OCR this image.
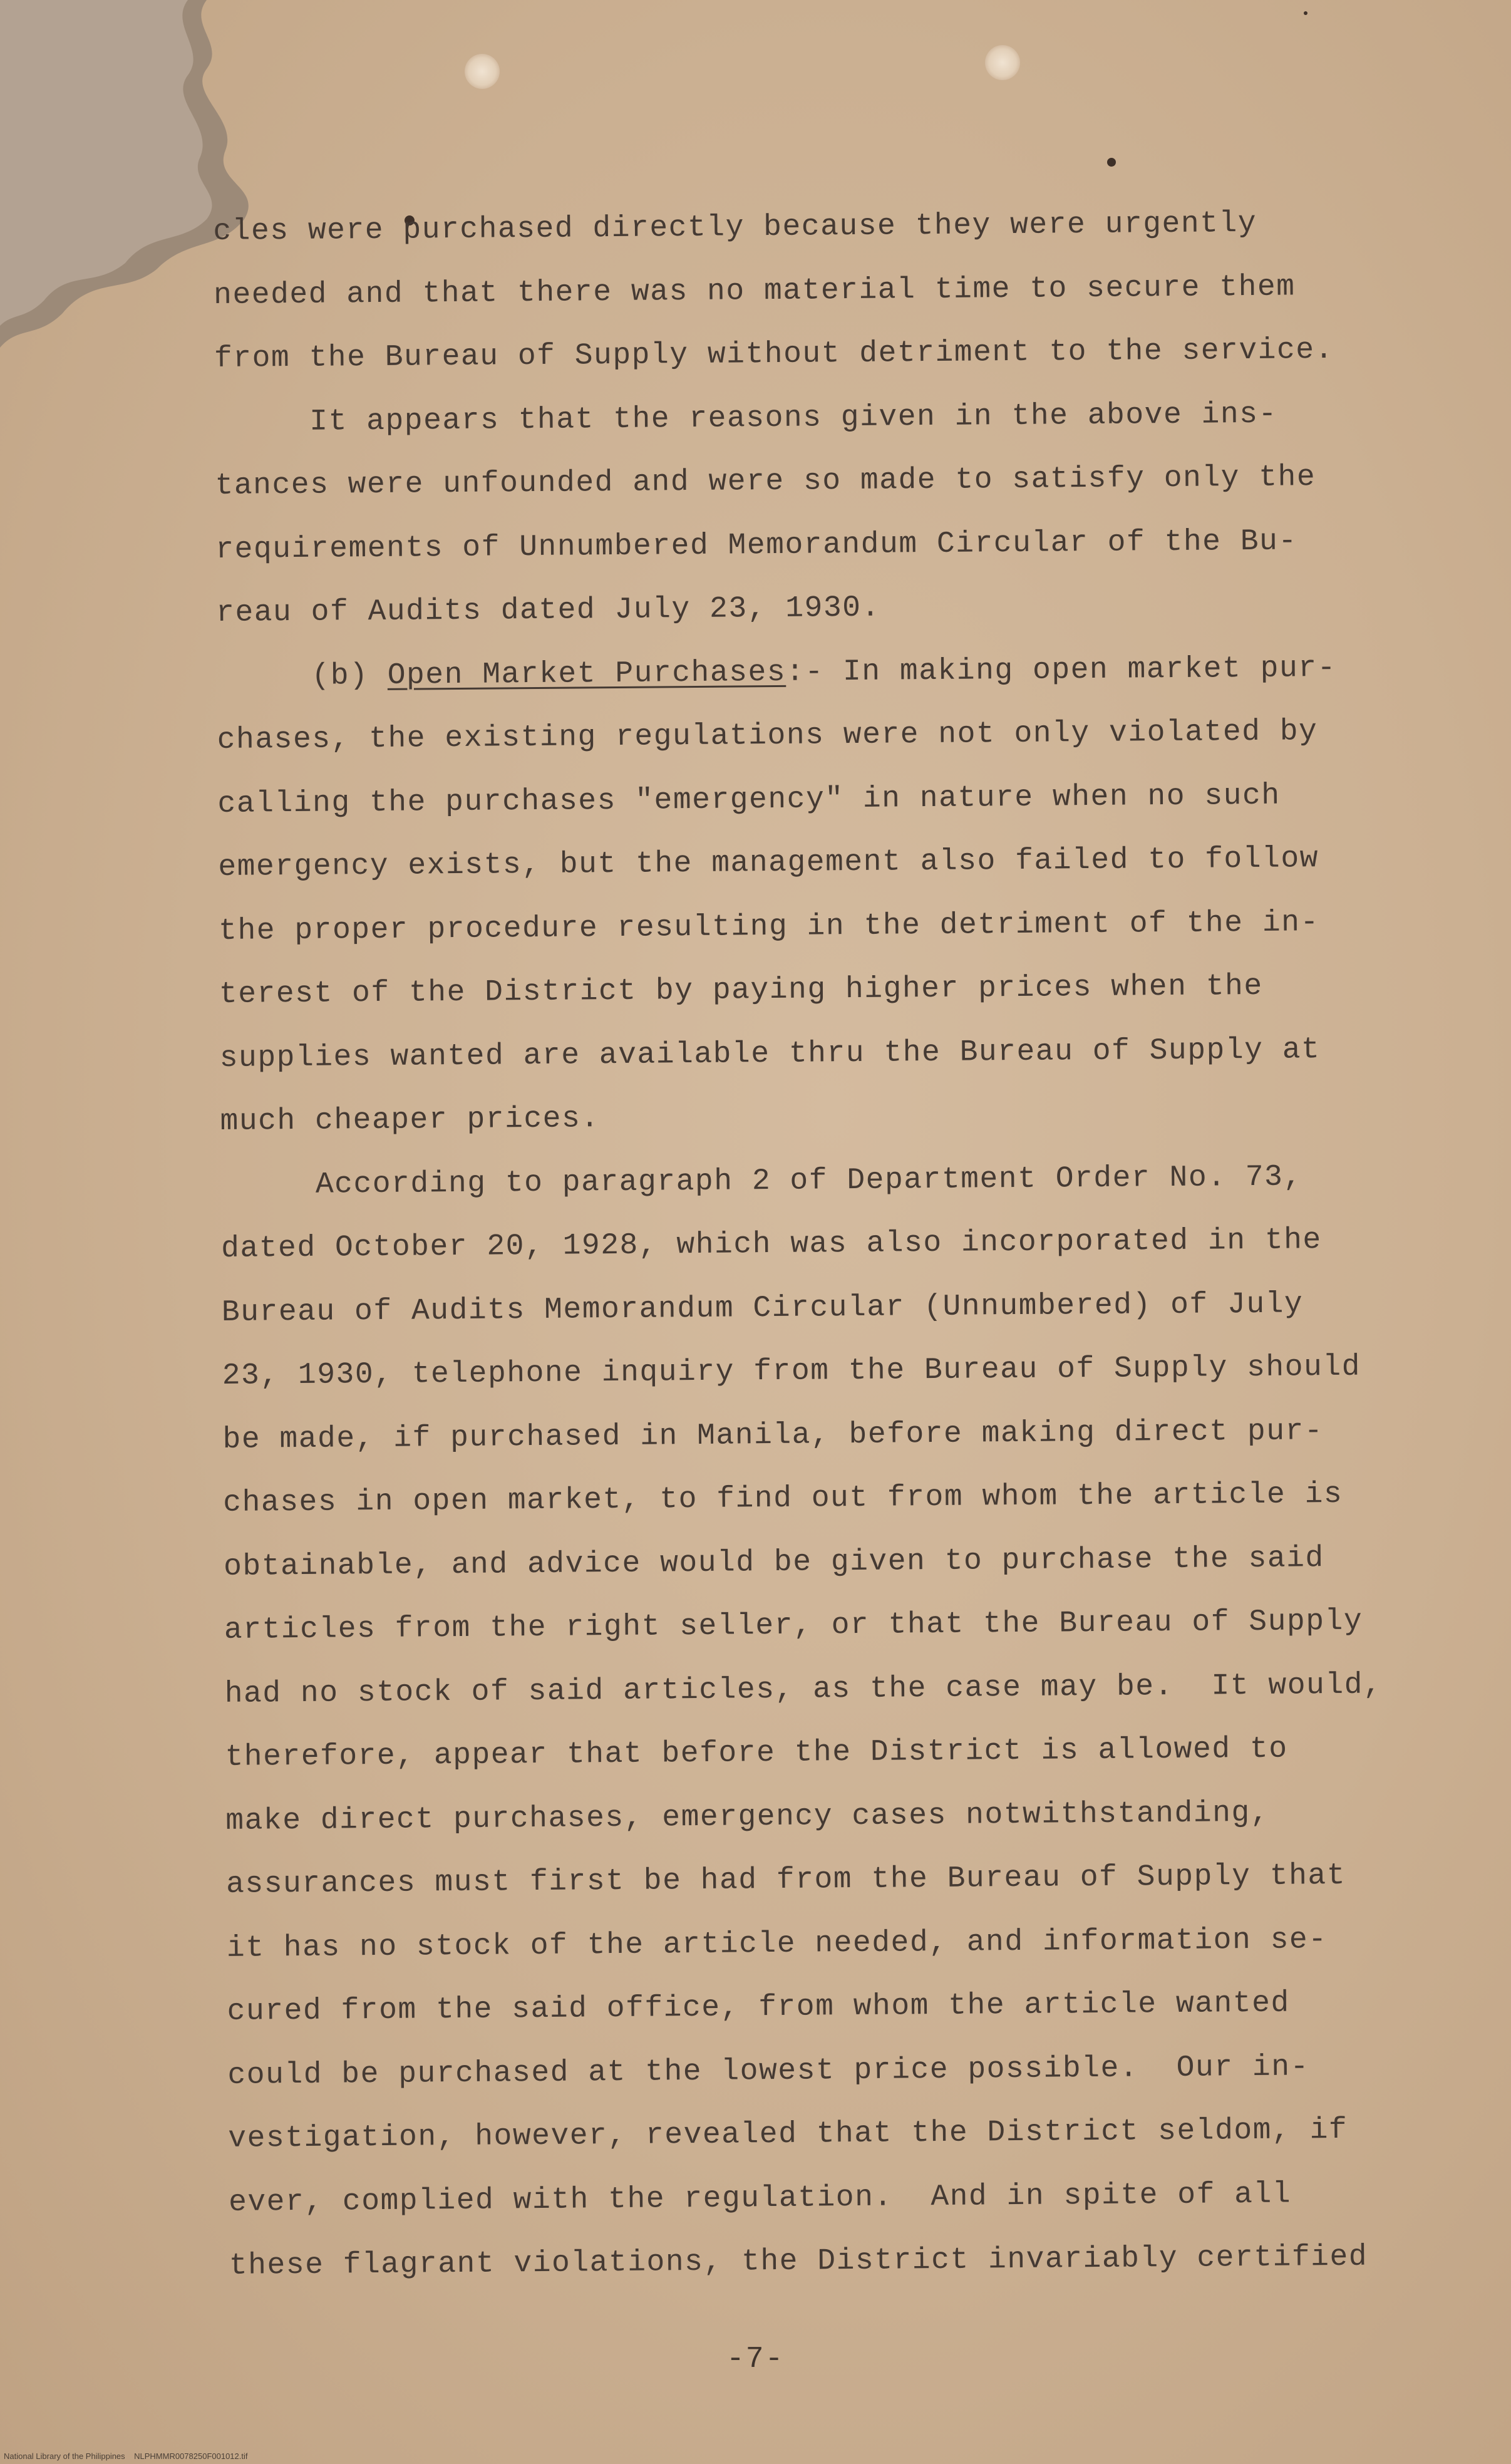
cles were purchased directly because they were urgently
needed and that there was no material time to secure them
from the Bureau of Supply without detriment to the service.
It appears that the reasons given in the above ins-
tances were unfounded and were so made to satisfy only the
requirements of Unnumbered Memorandum Circular of the Bu-
reau of Audits dated July 23, 1930.
(b) Open Market Purchases:- In making open market pur-
chases, the existing regulations were not only violated by
calling the purchases "emergency" in nature when no such
emergency exists, but the management also failed to follow
the proper procedure resulting in the detriment of the in-
terest of the District by paying higher prices when the
supplies wanted are available thru the Bureau of Supply at
much cheaper prices.
According to paragraph 2 of Department Order No. 73,
dated October 20, 1928, which was also incorporated in the
Bureau of Audits Memorandum Circular (Unnumbered) of July
23, 1930, telephone inquiry from the Bureau of Supply should
be made, if purchased in Manila, before making direct pur-
chases in open market, to find out from whom the article is
obtainable, and advice would be given to purchase the said
articles from the right seller, or that the Bureau of Supply
had no stock of said articles, as the case may be.  It would,
therefore, appear that before the District is allowed to
make direct purchases, emergency cases notwithstanding,
assurances must first be had from the Bureau of Supply that
it has no stock of the article needed, and information se-
cured from the said office, from whom the article wanted
could be purchased at the lowest price possible.  Our in-
vestigation, however, revealed that the District seldom, if
ever, complied with the regulation.  And in spite of all
these flagrant violations, the District invariably certified
-7-
National Library of the Philippines    NLPHMMR0078250F001012.tif
